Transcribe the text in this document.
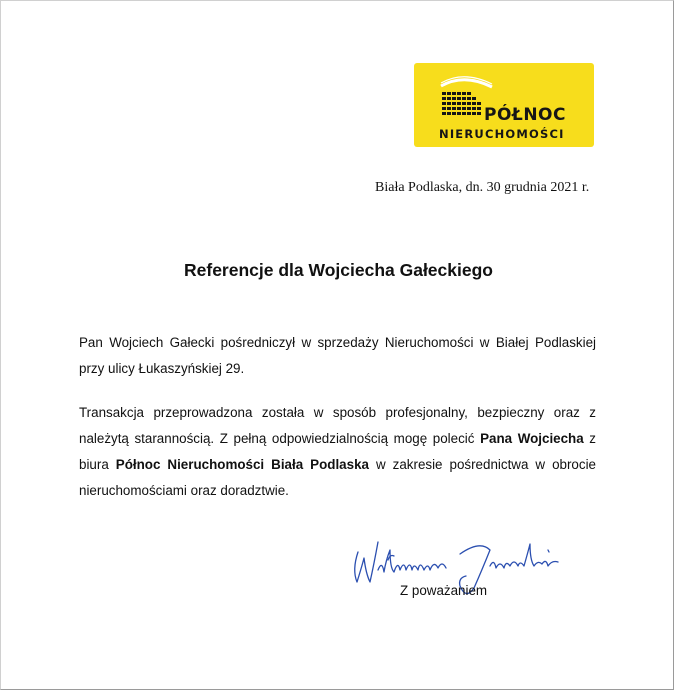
PÓŁNOC
NIERUCHOMOŚCI
Biała Podlaska, dn. 30 grudnia 2021 r.
Referencje dla Wojciecha Gałeckiego
Pan Wojciech Gałecki pośredniczył w sprzedaży Nieruchomości w Białej Podlaskiej przy ulicy Łukaszyńskiej 29.
Transakcja przeprowadzona została w sposób profesjonalny, bezpieczny oraz z należytą starannością. Z pełną odpowiedzialnością mogę polecić Pana Wojciecha z biura Północ Nieruchomości Biała Podlaska w zakresie pośrednictwa w obrocie nieruchomościami oraz doradztwie.
Z poważaniem
